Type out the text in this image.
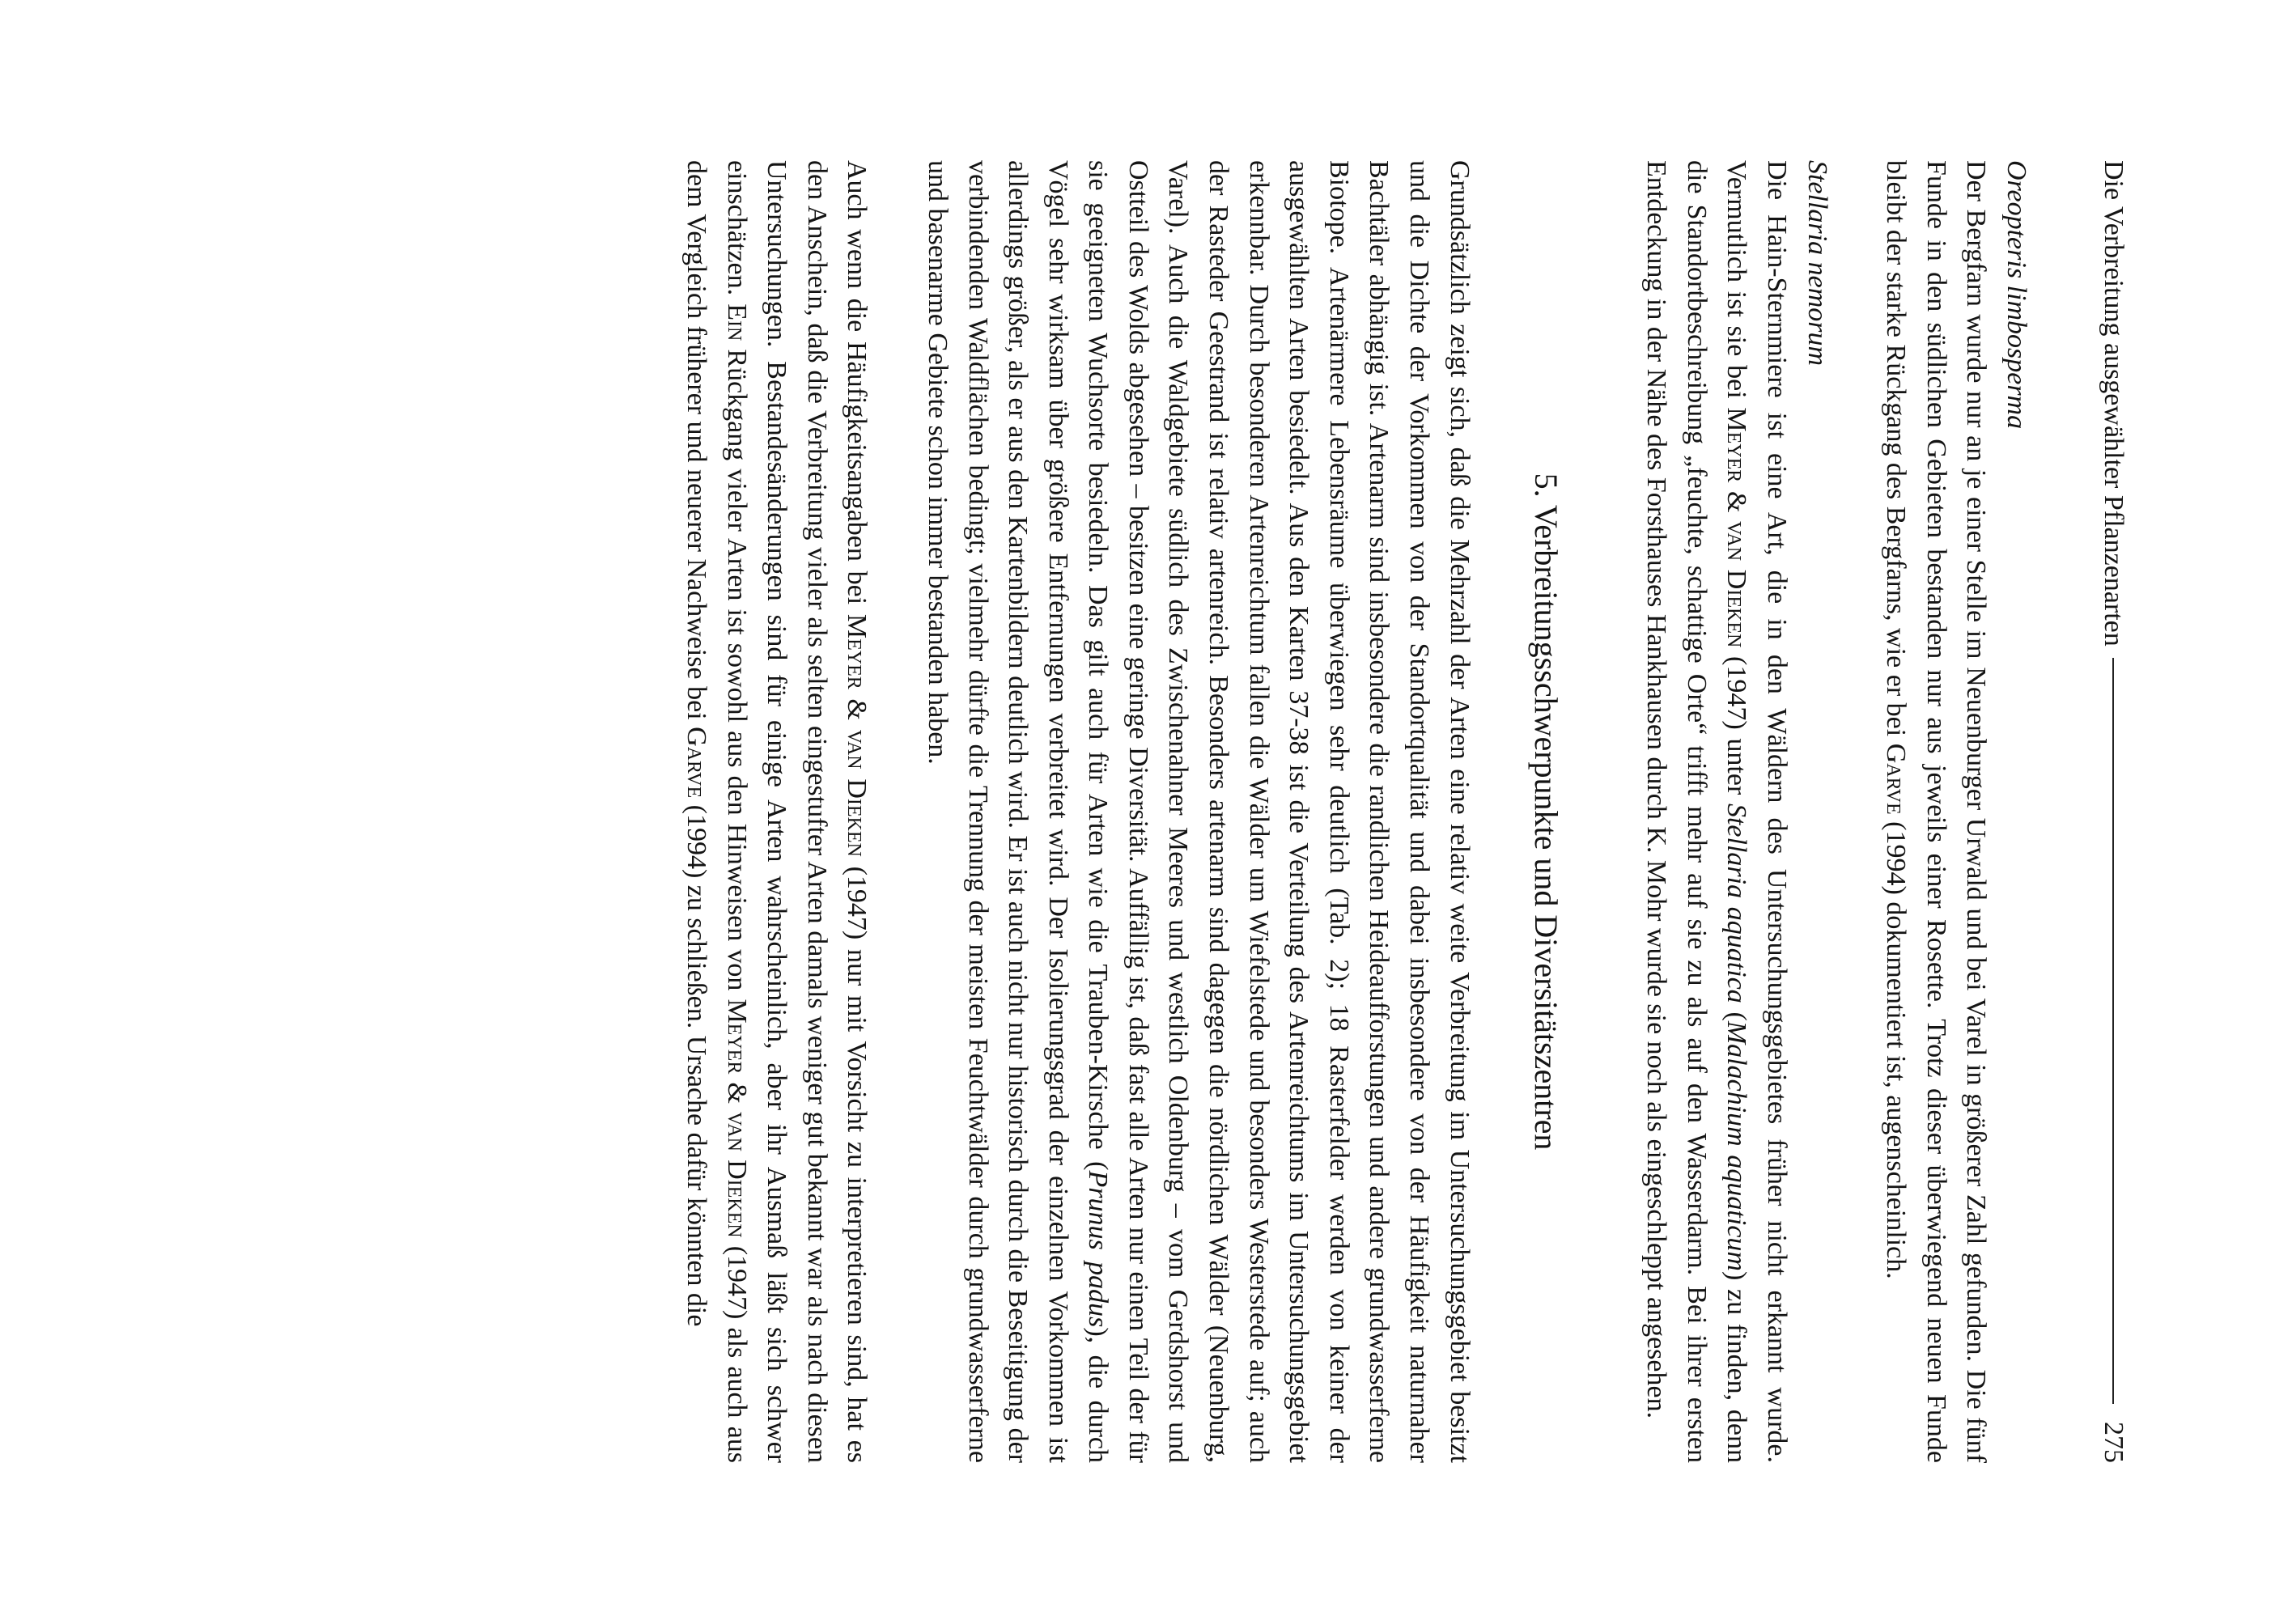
Die Verbreitung ausgewählter Pflanzenarten
275
Oreopteris limbosperma

Der Bergfarn wurde nur an je einer Stelle im Neuenburger Urwald und bei Varel in größerer Zahl gefunden. Die fünf Funde in den südlichen Gebieten bestanden nur aus jeweils einer Rosette. Trotz dieser überwiegend neuen Funde bleibt der starke Rückgang des Bergfarns, wie er bei Garve (1994) dokumentiert ist, augenscheinlich.

Stellaria nemorum

Die Hain-Sternmiere ist eine Art, die in den Wäldern des Untersuchungsgebietes früher nicht erkannt wurde. Vermutlich ist sie bei Meyer & van Dieken (1947) unter Stellaria aquatica (Malachium aquaticum) zu finden, denn die Standortbeschreibung „feuchte, schattige Orte“ trifft mehr auf sie zu als auf den Wasserdarm. Bei ihrer ersten Entdeckung in der Nähe des Forsthauses Hankhausen durch K. Mohr wurde sie noch als eingeschleppt angesehen.

5. Verbreitungsschwerpunkte und Diversitätszentren

Grundsätzlich zeigt sich, daß die Mehrzahl der Arten eine relativ weite Verbreitung im Untersuchungsgebiet besitzt und die Dichte der Vorkommen von der Standortqualität und dabei insbesondere von der Häufigkeit naturnaher Bachtäler abhängig ist. Artenarm sind insbesondere die randlichen Heideaufforstungen und andere grundwasserferne Biotope. Artenärmere Lebensräume überwiegen sehr deutlich (Tab. 2); 18 Rasterfelder werden von keiner der ausgewählten Arten besiedelt. Aus den Karten 37-38 ist die Verteilung des Artenreichtums im Untersuchungsgebiet erkennbar. Durch besonderen Artenreichtum fallen die Wälder um Wiefelstede und besonders Westerstede auf; auch der Rasteder Geestrand ist relativ artenreich. Besonders artenarm sind dagegen die nördlichen Wälder (Neuenburg, Varel). Auch die Waldgebiete südlich des Zwischenahner Meeres und westlich Oldenburg – vom Gerdshorst und Ostteil des Wolds abgesehen – besitzen eine geringe Diversität. Auffällig ist, daß fast alle Arten nur einen Teil der für sie geeigneten Wuchsorte besiedeln. Das gilt auch für Arten wie die Trauben-Kirsche (Prunus padus), die durch Vögel sehr wirksam über größere Entfernungen verbreitet wird. Der Isolierungsgrad der einzelnen Vorkommen ist allerdings größer, als er aus den Kartenbildern deutlich wird. Er ist auch nicht nur historisch durch die Beseitigung der verbindenden Waldflächen bedingt; vielmehr dürfte die Trennung der meisten Feuchtwälder durch grundwasserferne und basenarme Gebiete schon immer bestanden haben.

Auch wenn die Häufigkeitsangaben bei Meyer & van Dieken (1947) nur mit Vorsicht zu interpretieren sind, hat es den Anschein, daß die Verbreitung vieler als selten eingestufter Arten damals weniger gut bekannt war als nach diesen Untersuchungen. Bestandesänderungen sind für einige Arten wahrscheinlich, aber ihr Ausmaß läßt sich schwer einschätzen. Ein Rückgang vieler Arten ist sowohl aus den Hinweisen von Meyer & van Dieken (1947) als auch aus dem Vergleich früherer und neuerer Nachweise bei Garve (1994) zu schließen. Ursache dafür könnten die
